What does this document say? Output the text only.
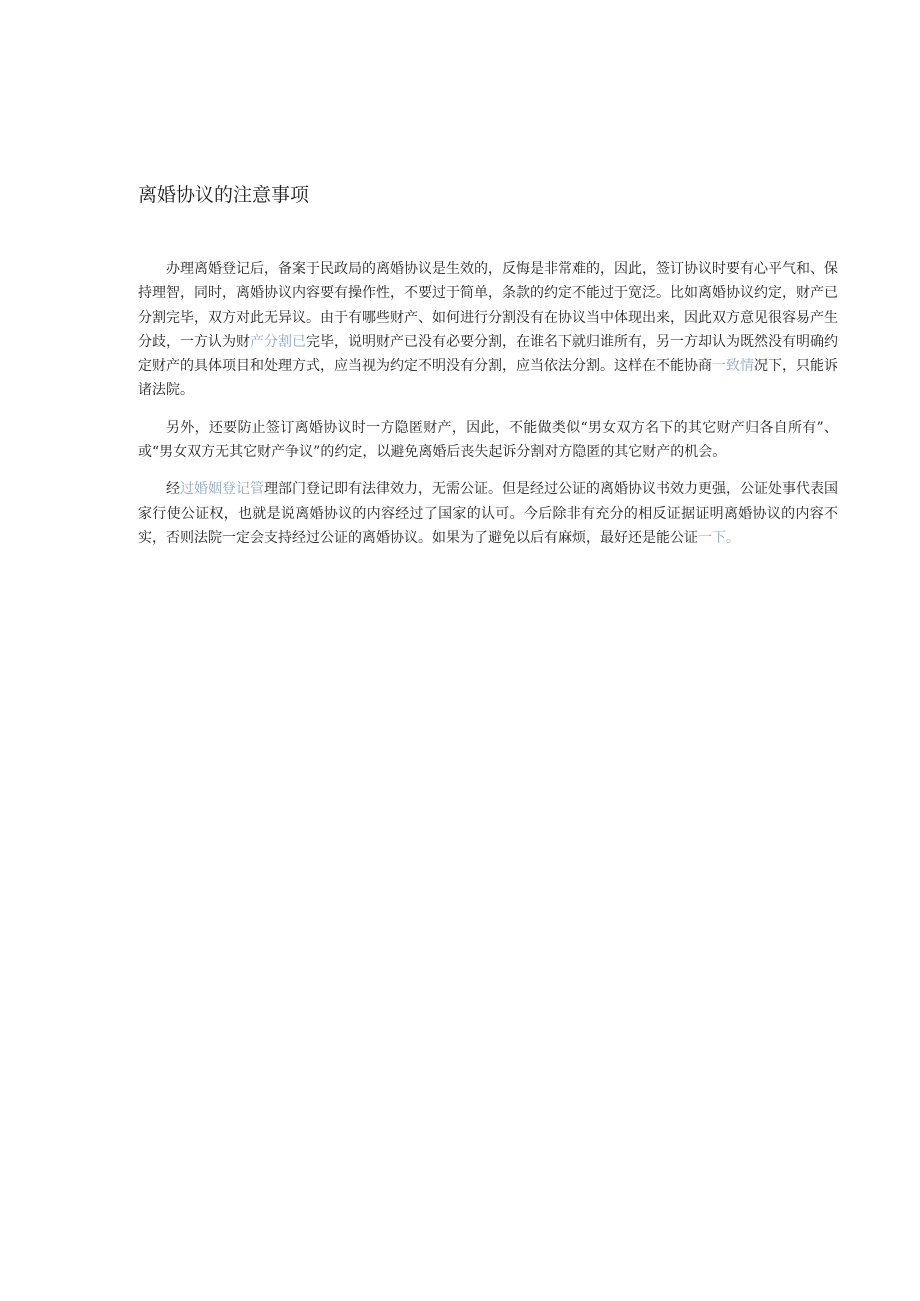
离婚协议的注意事项

办理离婚登记后，备案于民政局的离婚协议是生效的，反悔是非常难的，因此，签订协议时要有心平气和、保持理智，同时，离婚协议内容要有操作性，不要过于简单，条款的约定不能过于宽泛。比如离婚协议约定，财产已分割完毕，双方对此无异议。由于有哪些财产、如何进行分割没有在协议当中体现出来，因此双方意见很容易产生分歧，一方认为财产分割已完毕，说明财产已没有必要分割，在谁名下就归谁所有，另一方却认为既然没有明确约定财产的具体项目和处理方式，应当视为约定不明没有分割，应当依法分割。这样在不能协商一致情况下，只能诉诸法院。

另外，还要防止签订离婚协议时一方隐匿财产，因此，不能做类似“男女双方名下的其它财产归各自所有”、或“男女双方无其它财产争议”的约定，以避免离婚后丧失起诉分割对方隐匿的其它财产的机会。

经过婚姻登记管理部门登记即有法律效力，无需公证。但是经过公证的离婚协议书效力更强，公证处事代表国家行使公证权，也就是说离婚协议的内容经过了国家的认可。今后除非有充分的相反证据证明离婚协议的内容不实，否则法院一定会支持经过公证的离婚协议。如果为了避免以后有麻烦，最好还是能公证一下。
